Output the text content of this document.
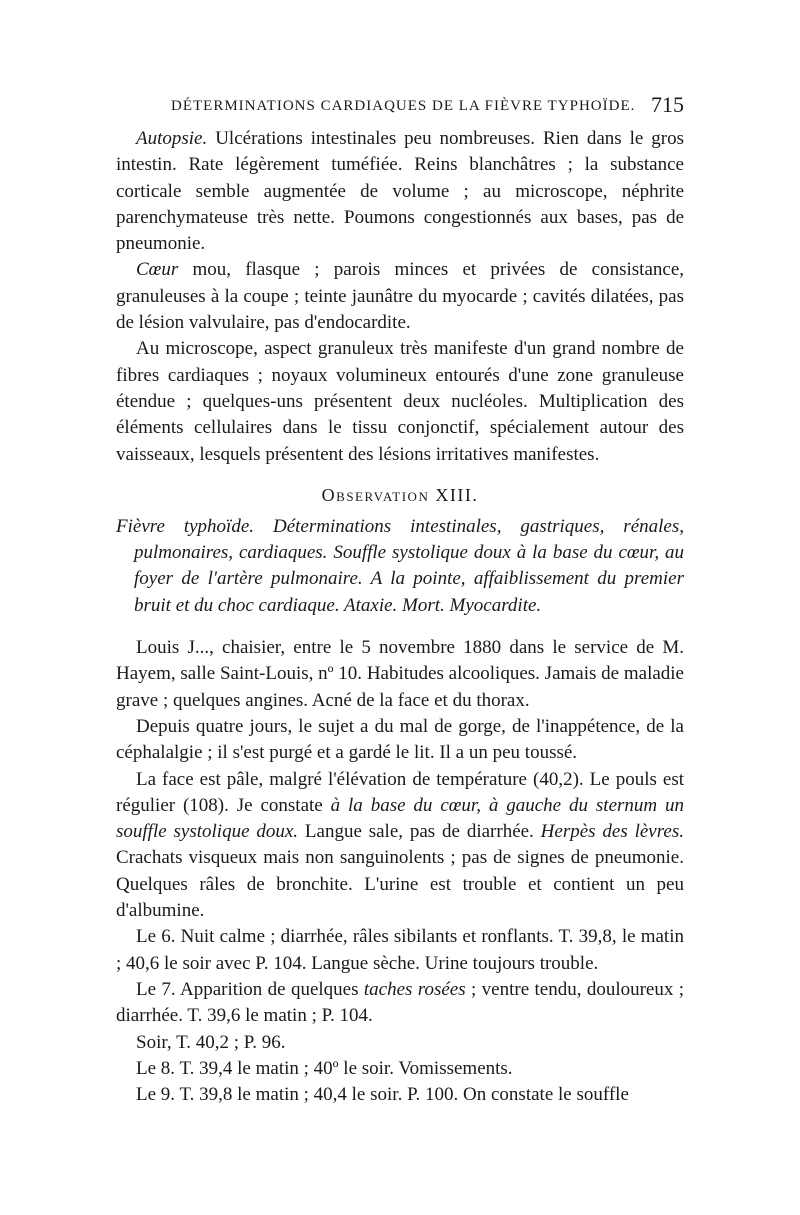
DÉTERMINATIONS CARDIAQUES DE LA FIÈVRE TYPHOÏDE. 715

Autopsie. Ulcérations intestinales peu nombreuses. Rien dans le gros intestin. Rate légèrement tuméfiée. Reins blanchâtres ; la substance corticale semble augmentée de volume ; au microscope, néphrite parenchymateuse très nette. Poumons congestionnés aux bases, pas de pneumonie.

Cœur mou, flasque ; parois minces et privées de consistance, granuleuses à la coupe ; teinte jaunâtre du myocarde ; cavités dilatées, pas de lésion valvulaire, pas d'endocardite.

Au microscope, aspect granuleux très manifeste d'un grand nombre de fibres cardiaques ; noyaux volumineux entourés d'une zone granuleuse étendue ; quelques-uns présentent deux nucléoles. Multiplication des éléments cellulaires dans le tissu conjonctif, spécialement autour des vaisseaux, lesquels présentent des lésions irritatives manifestes.

OBSERVATION XIII.
Fièvre typhoïde. Déterminations intestinales, gastriques, rénales, pulmonaires, cardiaques. Souffle systolique doux à la base du cœur, au foyer de l'artère pulmonaire. A la pointe, affaiblissement du premier bruit et du choc cardiaque. Ataxie. Mort. Myocardite.

Louis J..., chaisier, entre le 5 novembre 1880 dans le service de M. Hayem, salle Saint-Louis, nº 10. Habitudes alcooliques. Jamais de maladie grave ; quelques angines. Acné de la face et du thorax.

Depuis quatre jours, le sujet a du mal de gorge, de l'inappétence, de la céphalalgie ; il s'est purgé et a gardé le lit. Il a un peu toussé.

La face est pâle, malgré l'élévation de température (40,2). Le pouls est régulier (108). Je constate à la base du cœur, à gauche du sternum un souffle systolique doux. Langue sale, pas de diarrhée. Herpès des lèvres. Crachats visqueux mais non sanguinolents ; pas de signes de pneumonie. Quelques râles de bronchite. L'urine est trouble et contient un peu d'albumine.

Le 6. Nuit calme ; diarrhée, râles sibilants et ronflants. T. 39,8, le matin ; 40,6 le soir avec P. 104. Langue sèche. Urine toujours trouble.

Le 7. Apparition de quelques taches rosées ; ventre tendu, douloureux ; diarrhée. T. 39,6 le matin ; P. 104.

Soir, T. 40,2 ; P. 96.

Le 8. T. 39,4 le matin ; 40º le soir. Vomissements.

Le 9. T. 39,8 le matin ; 40,4 le soir. P. 100. On constate le souffle
